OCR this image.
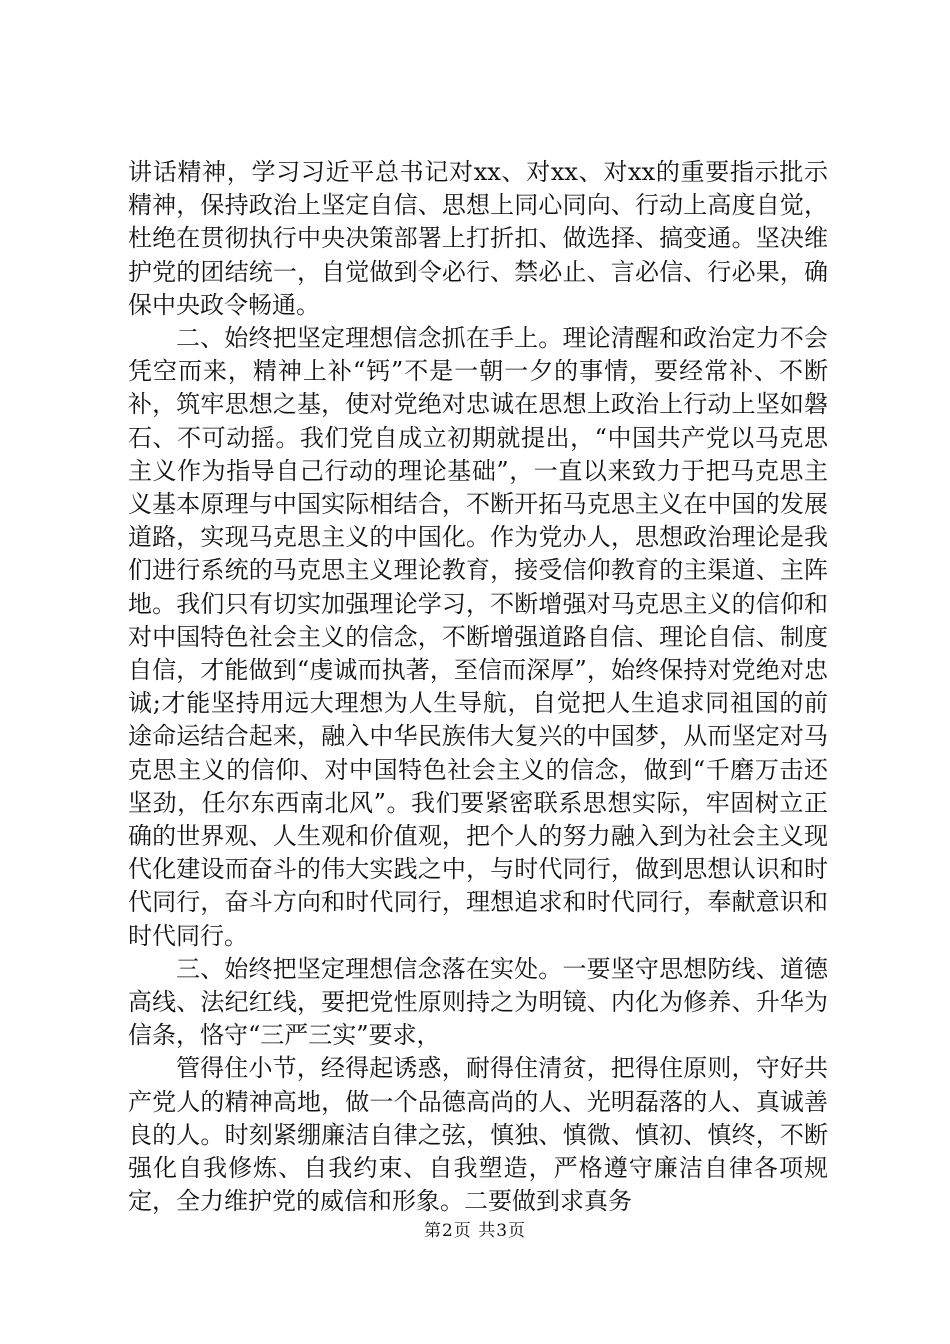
讲话精神，学习习近平总书记对xx、对xx、对xx的重要指示批示精神，保持政治上坚定自信、思想上同心同向、行动上高度自觉，杜绝在贯彻执行中央决策部署上打折扣、做选择、搞变通。坚决维护党的团结统一，自觉做到令必行、禁必止、言必信、行必果，确保中央政令畅通。

二、始终把坚定理想信念抓在手上。理论清醒和政治定力不会凭空而来，精神上补“钙”不是一朝一夕的事情，要经常补、不断补，筑牢思想之基，使对党绝对忠诚在思想上政治上行动上坚如磐石、不可动摇。我们党自成立初期就提出，“中国共产党以马克思主义作为指导自己行动的理论基础”，一直以来致力于把马克思主义基本原理与中国实际相结合，不断开拓马克思主义在中国的发展道路，实现马克思主义的中国化。作为党办人，思想政治理论是我们进行系统的马克思主义理论教育，接受信仰教育的主渠道、主阵地。我们只有切实加强理论学习，不断增强对马克思主义的信仰和对中国特色社会主义的信念，不断增强道路自信、理论自信、制度自信，才能做到“虔诚而执著，至信而深厚”，始终保持对党绝对忠诚;才能坚持用远大理想为人生导航，自觉把人生追求同祖国的前途命运结合起来，融入中华民族伟大复兴的中国梦，从而坚定对马克思主义的信仰、对中国特色社会主义的信念，做到“千磨万击还坚劲，任尔东西南北风”。我们要紧密联系思想实际，牢固树立正确的世界观、人生观和价值观，把个人的努力融入到为社会主义现代化建设而奋斗的伟大实践之中，与时代同行，做到思想认识和时代同行，奋斗方向和时代同行，理想追求和时代同行，奉献意识和时代同行。

三、始终把坚定理想信念落在实处。一要坚守思想防线、道德高线、法纪红线，要把党性原则持之为明镜、内化为修养、升华为信条，恪守“三严三实”要求，

管得住小节，经得起诱惑，耐得住清贫，把得住原则，守好共产党人的精神高地，做一个品德高尚的人、光明磊落的人、真诚善良的人。时刻紧绷廉洁自律之弦，慎独、慎微、慎初、慎终，不断强化自我修炼、自我约束、自我塑造，严格遵守廉洁自律各项规定，全力维护党的威信和形象。二要做到求真务

第2页 共3页
